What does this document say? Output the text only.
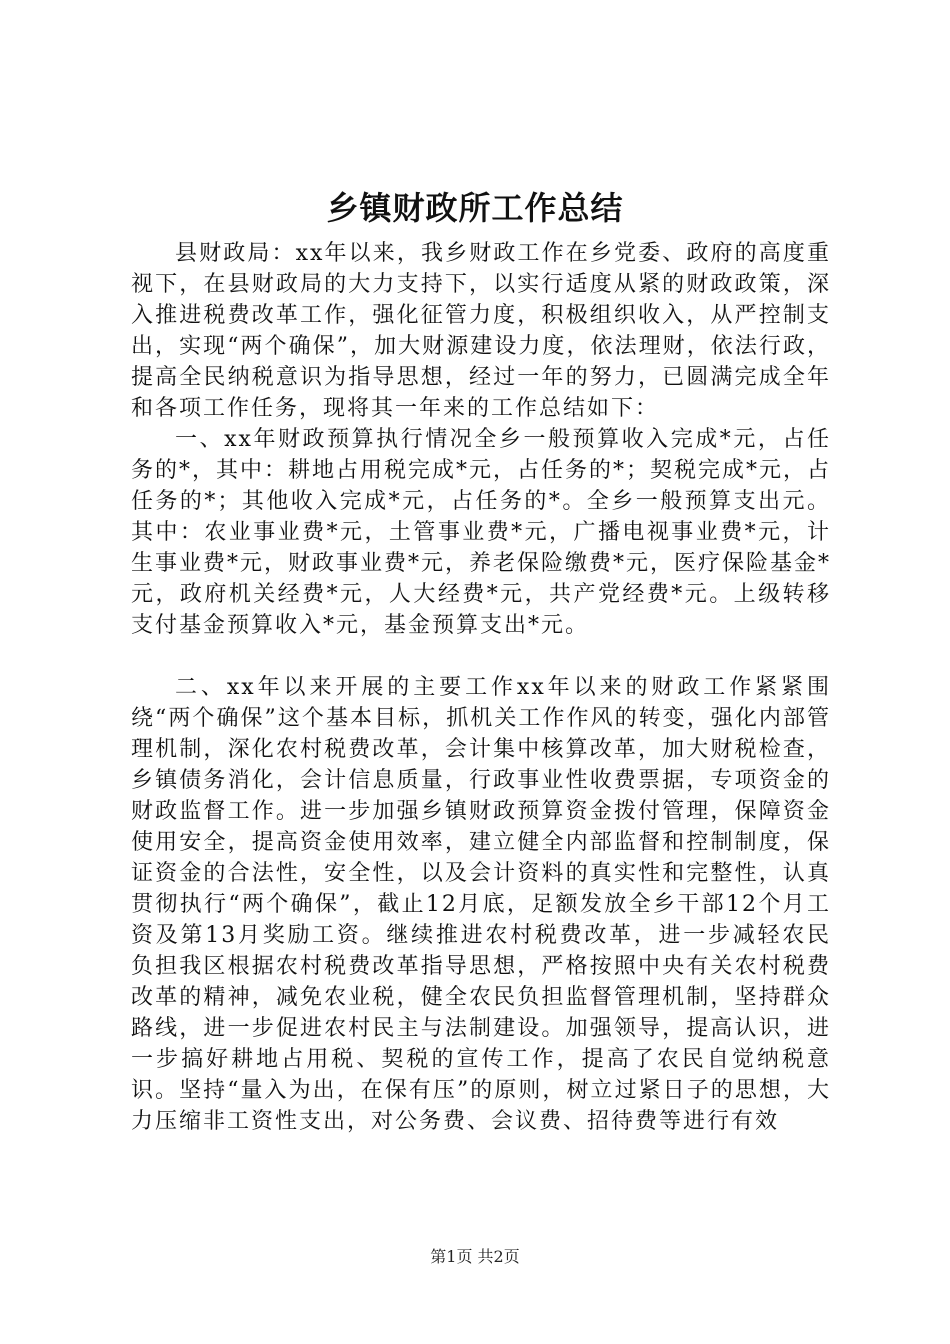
乡镇财政所工作总结

县财政局：xx年以来，我乡财政工作在乡党委、政府的高度重视下，在县财政局的大力支持下，以实行适度从紧的财政政策，深入推进税费改革工作，强化征管力度，积极组织收入，从严控制支出，实现“两个确保”，加大财源建设力度，依法理财，依法行政，提高全民纳税意识为指导思想，经过一年的努力，已圆满完成全年和各项工作任务，现将其一年来的工作总结如下：

一、xx年财政预算执行情况全乡一般预算收入完成*元，占任务的*，其中：耕地占用税完成*元，占任务的*；契税完成*元，占任务的*；其他收入完成*元，占任务的*。全乡一般预算支出元。其中：农业事业费*元，土管事业费*元，广播电视事业费*元，计生事业费*元，财政事业费*元，养老保险缴费*元，医疗保险基金*元，政府机关经费*元，人大经费*元，共产党经费*元。上级转移支付基金预算收入*元，基金预算支出*元。

二、xx年以来开展的主要工作xx年以来的财政工作紧紧围绕“两个确保”这个基本目标，抓机关工作作风的转变，强化内部管理机制，深化农村税费改革，会计集中核算改革，加大财税检查，乡镇债务消化，会计信息质量，行政事业性收费票据，专项资金的财政监督工作。进一步加强乡镇财政预算资金拨付管理，保障资金使用安全，提高资金使用效率，建立健全内部监督和控制制度，保证资金的合法性，安全性，以及会计资料的真实性和完整性，认真贯彻执行“两个确保”，截止12月底，足额发放全乡干部12个月工资及第13月奖励工资。继续推进农村税费改革，进一步减轻农民负担我区根据农村税费改革指导思想，严格按照中央有关农村税费改革的精神，减免农业税，健全农民负担监督管理机制，坚持群众路线，进一步促进农村民主与法制建设。加强领导，提高认识，进一步搞好耕地占用税、契税的宣传工作，提高了农民自觉纳税意识。坚持“量入为出，在保有压”的原则，树立过紧日子的思想，大力压缩非工资性支出，对公务费、会议费、招待费等进行有效

第1页 共2页
